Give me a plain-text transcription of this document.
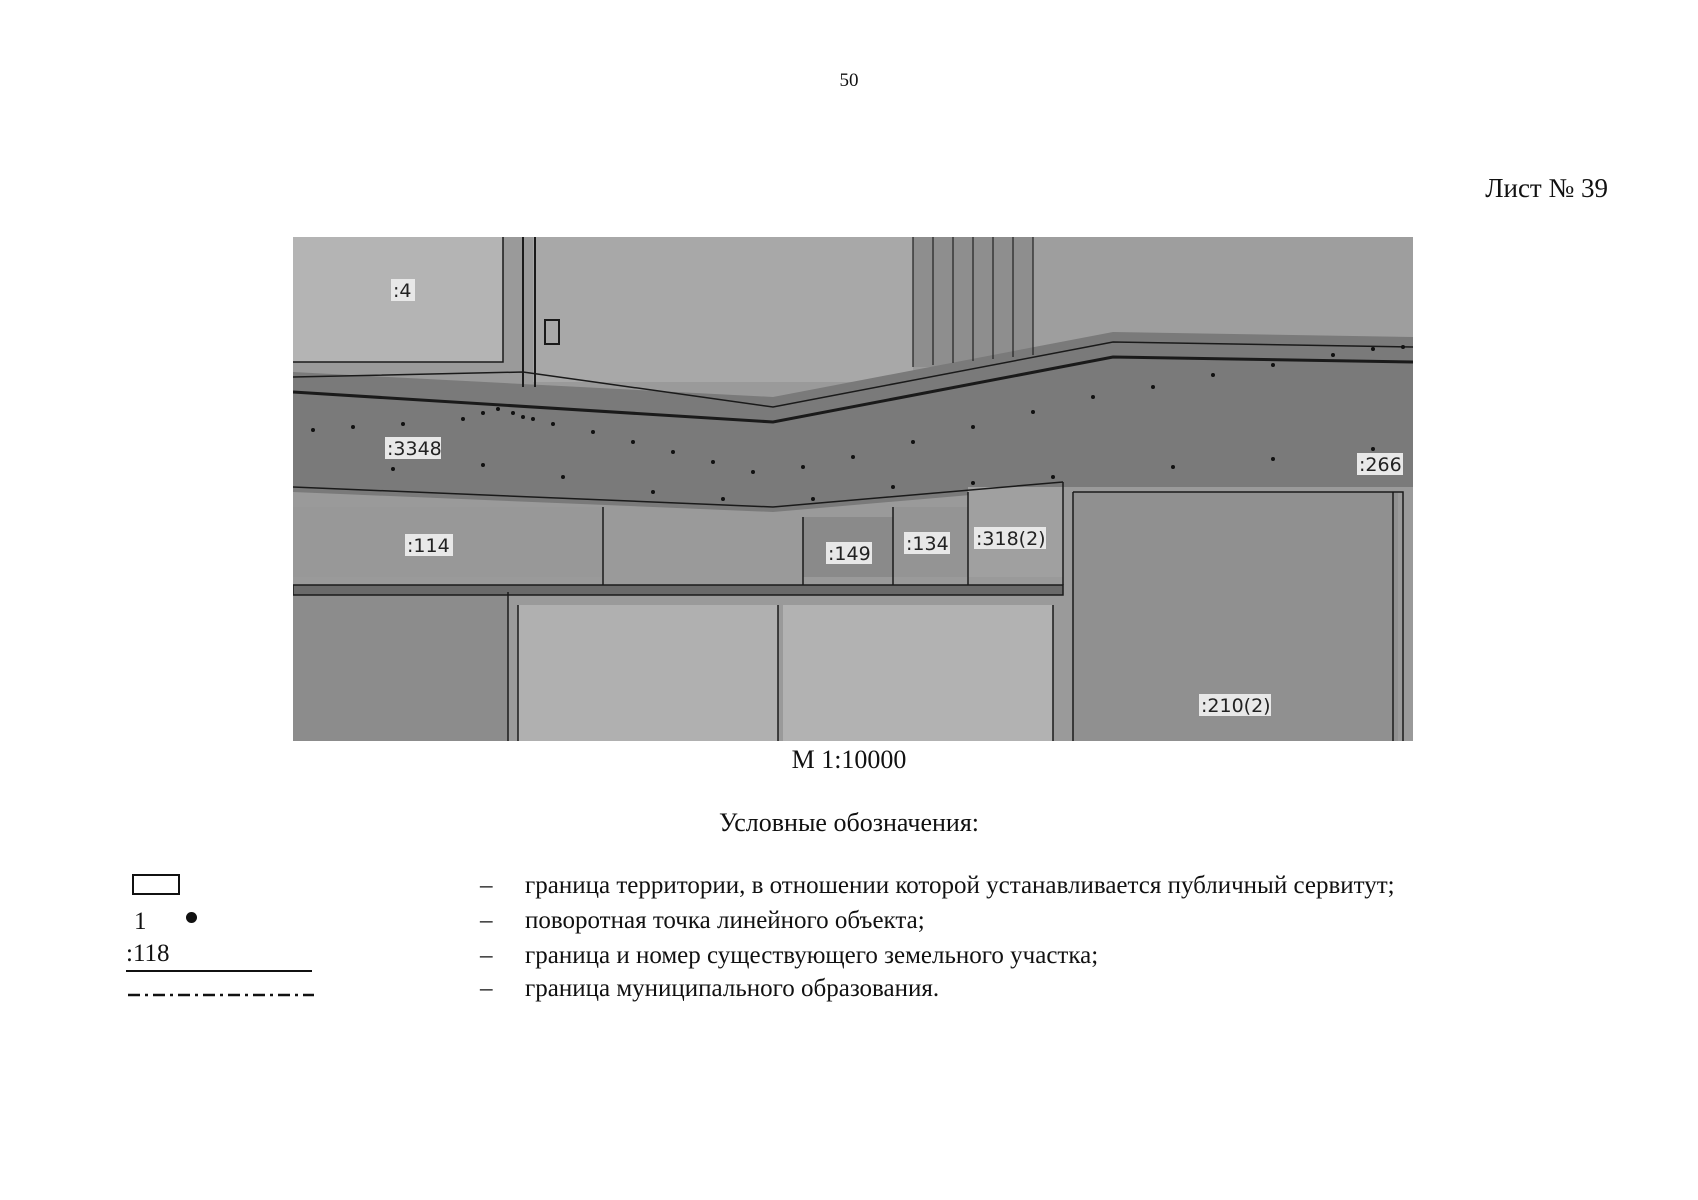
50
Лист № 39
:4
:3348
:266
:114	:149 :134 :318(2)
:210(2)
М 1:10000
Условные обозначения:
– граница территории, в отношении которой устанавливается публичный сервитут;
1	– поворотная точка линейного объекта;
:118	– граница и номер существующего земельного участка;
– граница муниципального образования.
